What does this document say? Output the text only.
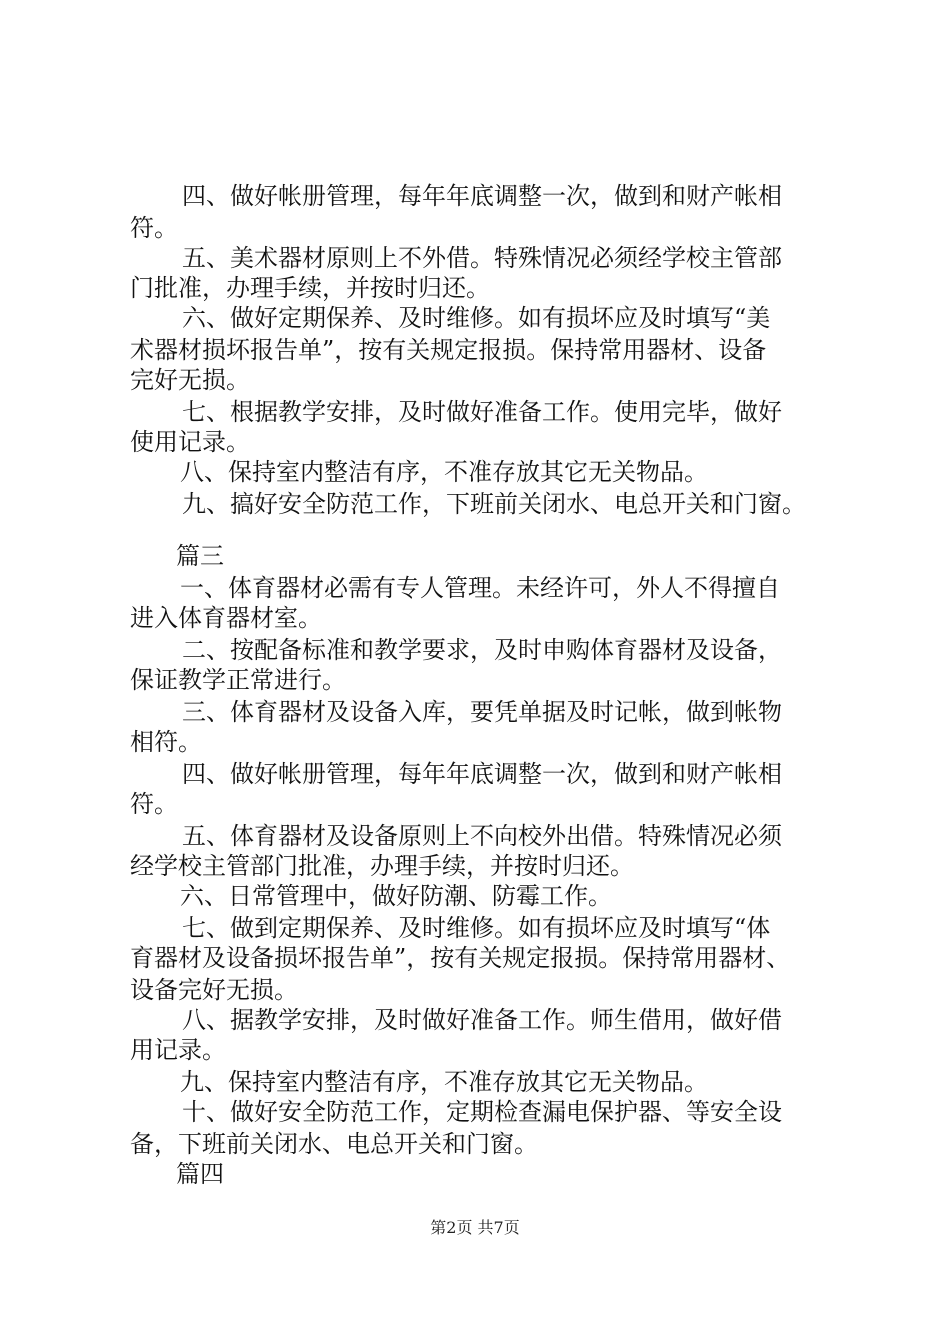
四、做好帐册管理，每年年底调整一次，做到和财产帐相
符。
五、美术器材原则上不外借。特殊情况必须经学校主管部
门批准，办理手续，并按时归还。
六、做好定期保养、及时维修。如有损坏应及时填写“美
术器材损坏报告单”，按有关规定报损。保持常用器材、设备
完好无损。
七、根据教学安排，及时做好准备工作。使用完毕，做好
使用记录。
八、保持室内整洁有序，不准存放其它无关物品。
九、搞好安全防范工作，下班前关闭水、电总开关和门窗。
篇三
一、体育器材必需有专人管理。未经许可，外人不得擅自
进入体育器材室。
二、按配备标准和教学要求，及时申购体育器材及设备，
保证教学正常进行。
三、体育器材及设备入库，要凭单据及时记帐，做到帐物
相符。
四、做好帐册管理，每年年底调整一次，做到和财产帐相
符。
五、体育器材及设备原则上不向校外出借。特殊情况必须
经学校主管部门批准，办理手续，并按时归还。
六、日常管理中，做好防潮、防霉工作。
七、做到定期保养、及时维修。如有损坏应及时填写“体
育器材及设备损坏报告单”，按有关规定报损。保持常用器材、
设备完好无损。
八、据教学安排，及时做好准备工作。师生借用，做好借
用记录。
九、保持室内整洁有序，不准存放其它无关物品。
十、做好安全防范工作，定期检查漏电保护器、等安全设
备，下班前关闭水、电总开关和门窗。
篇四
第2页 共7页
